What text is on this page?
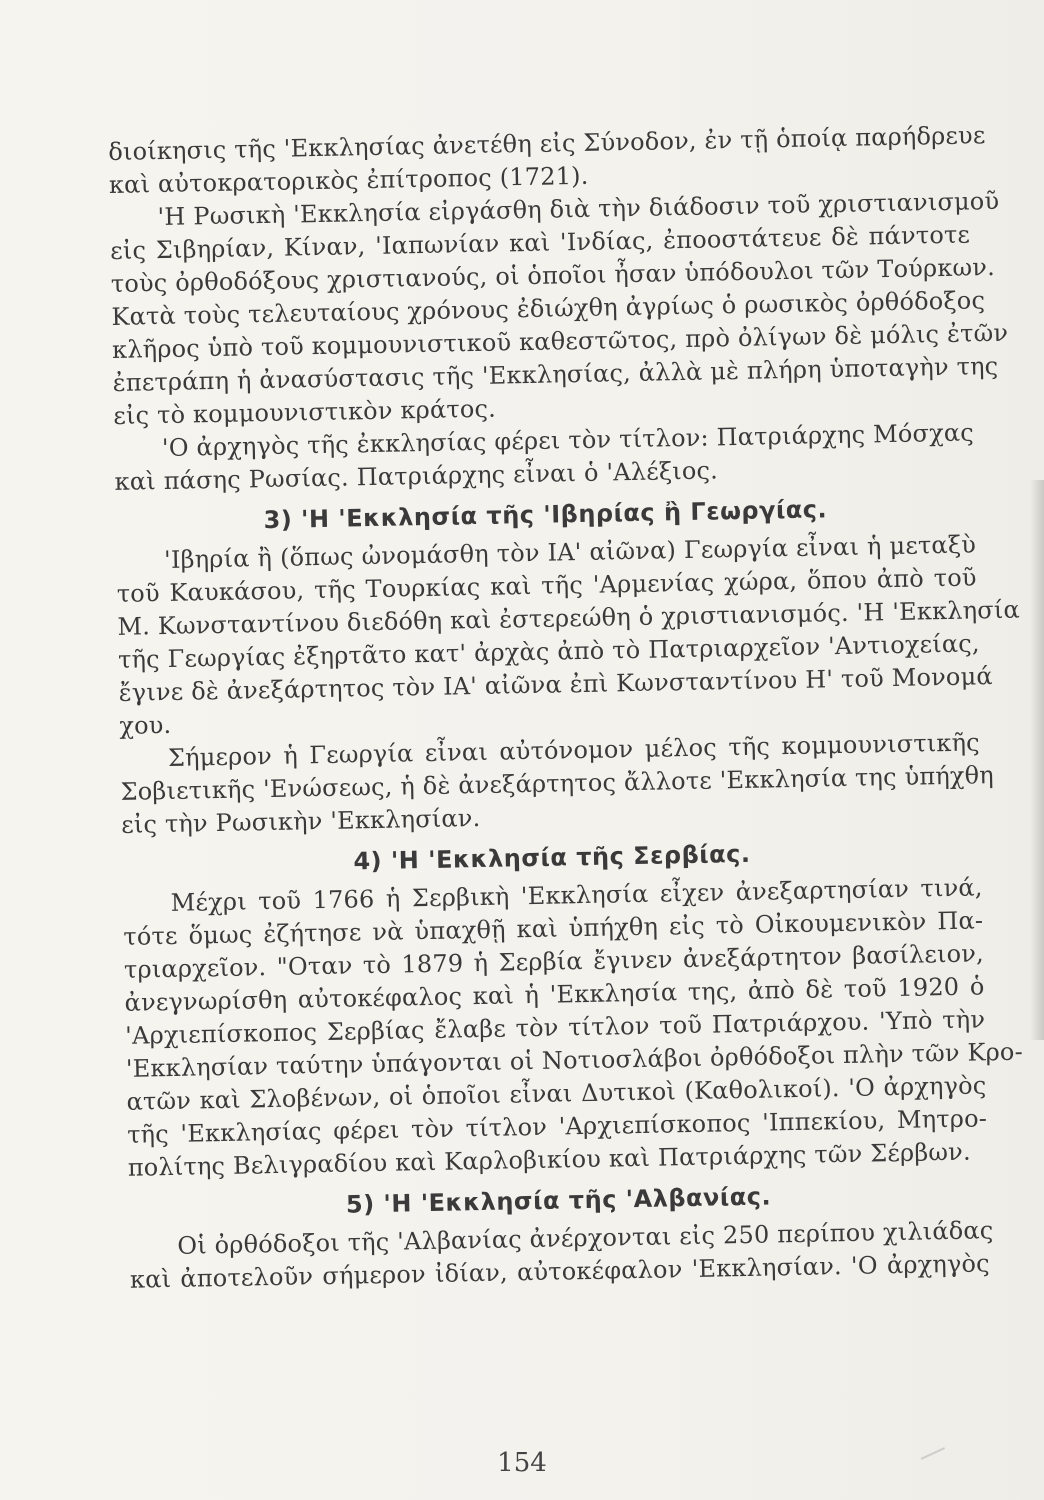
διοίκησις τῆς 'Εκκλησίας ἀνετέθη εἰς Σύνοδον, ἐν τῇ ὁποίᾳ παρήδρευε
καὶ αὐτοκρατορικὸς ἐπίτροπος (1721).
'Η Ρωσικὴ 'Εκκλησία εἰργάσθη διὰ τὴν διάδοσιν τοῦ χριστιανισμοῦ
εἰς Σιβηρίαν, Κίναν, 'Ιαπωνίαν καὶ 'Ινδίας, ἐποοστάτευε δὲ πάντοτε
τοὺς ὀρθοδόξους χριστιανούς, οἱ ὁποῖοι ἦσαν ὑπόδουλοι τῶν Τούρκων.
Κατὰ τοὺς τελευταίους χρόνους ἐδιώχθη ἀγρίως ὁ ρωσικὸς ὀρθόδοξος
κλῆρος ὑπὸ τοῦ κομμουνιστικοῦ καθεστῶτος, πρὸ ὀλίγων δὲ μόλις ἐτῶν
ἐπετράπη ἡ ἀνασύστασις τῆς 'Εκκλησίας, ἀλλὰ μὲ πλήρη ὑποταγὴν της
εἰς τὸ κομμουνιστικὸν κράτος.
'Ο ἀρχηγὸς τῆς ἐκκλησίας φέρει τὸν τίτλον: Πατριάρχης Μόσχας
καὶ πάσης Ρωσίας. Πατριάρχης εἶναι ὁ 'Αλέξιος.
3) 'Η 'Εκκλησία τῆς 'Ιβηρίας ἢ Γεωργίας.
'Ιβηρία ἢ (ὅπως ὠνομάσθη τὸν ΙΑ' αἰῶνα) Γεωργία εἶναι ἡ μεταξὺ
τοῦ Καυκάσου, τῆς Τουρκίας καὶ τῆς 'Αρμενίας χώρα, ὅπου ἀπὸ τοῦ
Μ. Κωνσταντίνου διεδόθη καὶ ἐστερεώθη ὁ χριστιανισμός. 'Η 'Εκκλησία
τῆς Γεωργίας ἐξηρτᾶτο κατ' ἀρχὰς ἀπὸ τὸ Πατριαρχεῖον 'Αντιοχείας,
ἔγινε δὲ ἀνεξάρτητος τὸν ΙΑ' αἰῶνα ἐπὶ Κωνσταντίνου Η' τοῦ Μονομά
χου.
Σήμερον ἡ Γεωργία εἶναι αὐτόνομον μέλος τῆς κομμουνιστικῆς
Σοβιετικῆς 'Ενώσεως, ἡ δὲ ἀνεξάρτητος ἄλλοτε 'Εκκλησία της ὑπήχθη
εἰς τὴν Ρωσικὴν 'Εκκλησίαν.
4) 'Η 'Εκκλησία τῆς Σερβίας.
Μέχρι τοῦ 1766 ἡ Σερβικὴ 'Εκκλησία εἶχεν ἀνεξαρτησίαν τινά,
τότε ὅμως ἐζήτησε νὰ ὑπαχθῇ καὶ ὑπήχθη εἰς τὸ Οἰκουμενικὸν Πα-
τριαρχεῖον. "Οταν τὸ 1879 ἡ Σερβία ἔγινεν ἀνεξάρτητον βασίλειον,
ἀνεγνωρίσθη αὐτοκέφαλος καὶ ἡ 'Εκκλησία της, ἀπὸ δὲ τοῦ 1920 ὁ
'Αρχιεπίσκοπος Σερβίας ἔλαβε τὸν τίτλον τοῦ Πατριάρχου. 'Υπὸ τὴν
'Εκκλησίαν ταύτην ὑπάγονται οἱ Νοτιοσλάβοι ὀρθόδοξοι πλὴν τῶν Κρο-
ατῶν καὶ Σλοβένων, οἱ ὁποῖοι εἶναι Δυτικοὶ (Καθολικοί). 'Ο ἀρχηγὸς
τῆς 'Εκκλησίας φέρει τὸν τίτλον 'Αρχιεπίσκοπος 'Ιππεκίου, Μητρο-
πολίτης Βελιγραδίου καὶ Καρλοβικίου καὶ Πατριάρχης τῶν Σέρβων.
5) 'Η 'Εκκλησία τῆς 'Αλβανίας.
Οἱ ὀρθόδοξοι τῆς 'Αλβανίας ἀνέρχονται εἰς 250 περίπου χιλιάδας
καὶ ἀποτελοῦν σήμερον ἰδίαν, αὐτοκέφαλον 'Εκκλησίαν. 'Ο ἀρχηγὸς
154
